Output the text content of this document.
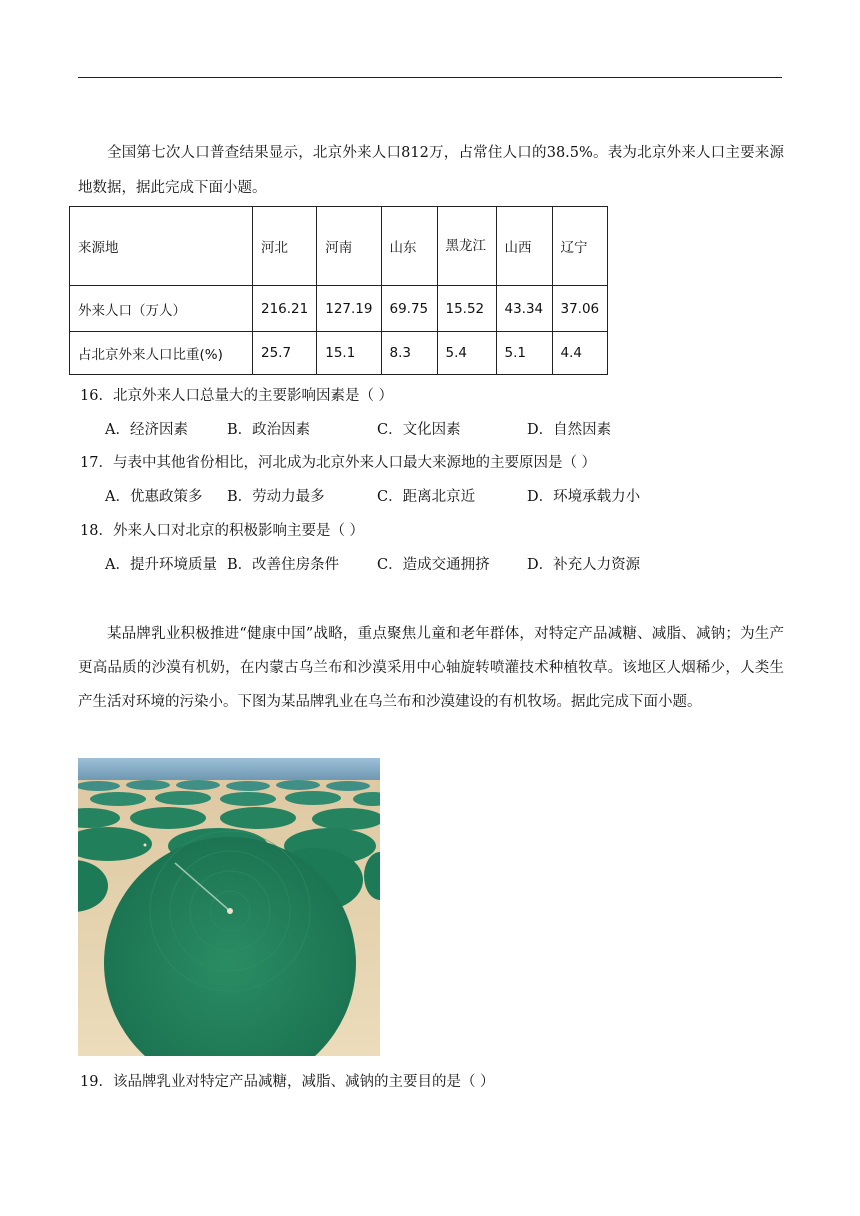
全国第七次人口普查结果显示，北京外来人口812万，占常住人口的38.5%。表为北京外来人口主要来源地数据，据此完成下面小题。

来源地	河北	河南	山东	黑龙江	山西	辽宁
外来人口（万人）	216.21	127.19	69.75	15.52	43.34	37.06
占北京外来人口比重(%)	25.7	15.1	8.3	5.4	5.1	4.4

16．北京外来人口总量大的主要影响因素是（ ）

A．经济因素	B．政治因素	C．文化因素	D．自然因素

17．与表中其他省份相比，河北成为北京外来人口最大来源地的主要原因是（ ）

A．优惠政策多 B．劳动力最多	C．距离北京近	D．环境承载力小

18．外来人口对北京的积极影响主要是（ ）

A．提升环境质量 B．改善住房条件	C．造成交通拥挤	D．补充人力资源

某品牌乳业积极推进“健康中国”战略，重点聚焦儿童和老年群体，对特定产品减糖、减脂、减钠；为生产更高品质的沙漠有机奶，在内蒙古乌兰布和沙漠采用中心轴旋转喷灌技术种植牧草。该地区人烟稀少，人类生产生活对环境的污染小。下图为某品牌乳业在乌兰布和沙漠建设的有机牧场。据此完成下面小题。

19．该品牌乳业对特定产品减糖，减脂、减钠的主要目的是（ ）
